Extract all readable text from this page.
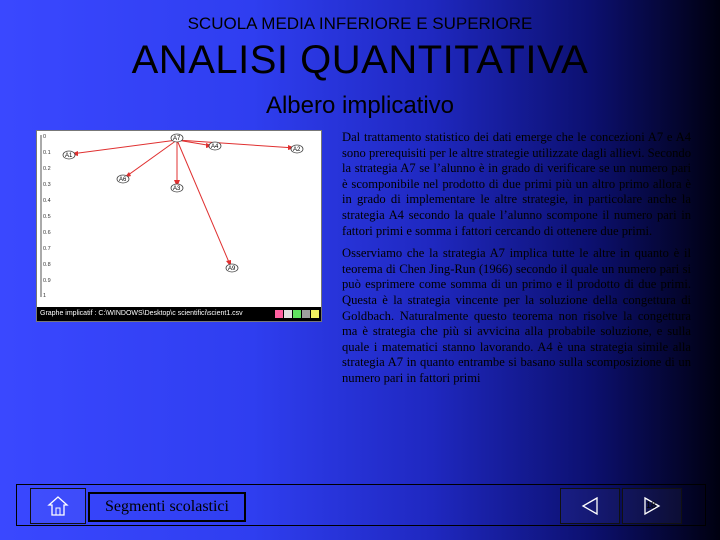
SCUOLA MEDIA INFERIORE E SUPERIORE
ANALISI QUANTITATIVA
Albero implicativo
0
0.1
0.2
0.3
0.4
0.5
0.6
0.7
0.8
0.9
1
A7
A1
A4	A2
A6
A3
A9
Graphe implicatif : C:\WINDOWS\Desktop\c scientifici\scient1.csv

Dal trattamento statistico dei dati emerge che le concezioni A7 e A4 sono prerequisiti per le altre strategie utilizzate dagli allievi. Secondo la strategia A7 se l’alunno è in grado di verificare se un numero pari è scomponibile nel prodotto di due primi più un altro primo allora è in grado di implementare le altre strategie, in particolare anche la strategia A4 secondo la quale l’alunno scompone il numero pari in fattori primi e somma i fattori cercando di ottenere due primi.

Osserviamo che la strategia A7 implica tutte le altre in quanto è il teorema di Chen Jing-Run (1966) secondo il quale un numero pari si può esprimere come somma di un primo e il prodotto di due primi. Questa è la strategia vincente per la soluzione della congettura di Goldbach. Naturalmente questo teorema non risolve la congettura ma è strategia che più si avvicina alla probabile soluzione, e sulla quale i matematici stanno lavorando. A4 è una strategia simile alla strategia A7 in quanto entrambe si basano sulla scomposizione di un numero pari in fattori primi

Segmenti scolastici	18
